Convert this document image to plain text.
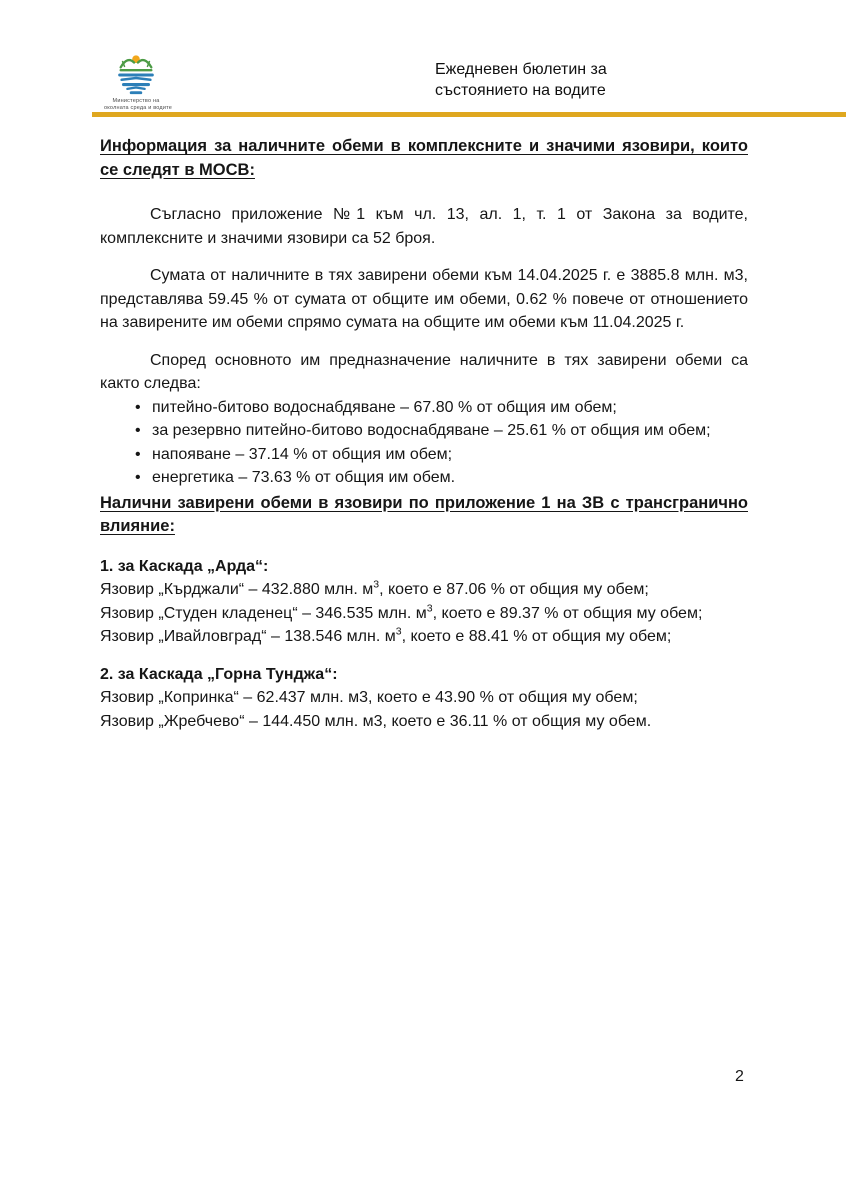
Министерство на
околната среда и водите
Ежедневен бюлетин за
състоянието на водите
Информация за наличните обеми в комплексните и значими язовири, които се следят в МОСВ:

Съгласно приложение №1 към чл. 13, ал. 1, т. 1 от Закона за водите, комплексните и значими язовири са 52 броя.

Сумата от наличните в тях завирени обеми към 14.04.2025 г. е 3885.8 млн. м3, представлява 59.45 % от сумата от общите им обеми, 0.62 % повече от отношението на завирените им обеми спрямо сумата на общите им обеми към 11.04.2025 г.

Според основното им предназначение наличните в тях завирени обеми са както следва:

• питейно-битово водоснабдяване – 67.80 % от общия им обем;
• за резервно питейно-битово водоснабдяване – 25.61 % от общия им обем;
• напояване – 37.14 % от общия им обем;
• енергетика – 73.63 % от общия им обем.
Налични завирени обеми в язовири по приложение 1 на ЗВ с трансгранично влияние:

1. за Каскада „Арда“:

Язовир „Кърджали“ – 432.880 млн. $м^3$, което е 87.06 % от общия му обем;

Язовир „Студен кладенец“ – 346.535 млн. $м^3$, което е 89.37 % от общия му обем;

Язовир „Ивайловград“ – 138.546 млн. $м^3$, което е 88.41 % от общия му обем;

2. за Каскада „Горна Тунджа“:

Язовир „Копринка“ – 62.437 млн. м3, което е 43.90 % от общия му обем;

Язовир „Жребчево“ – 144.450 млн. м3, което е 36.11 % от общия му обем.

2
